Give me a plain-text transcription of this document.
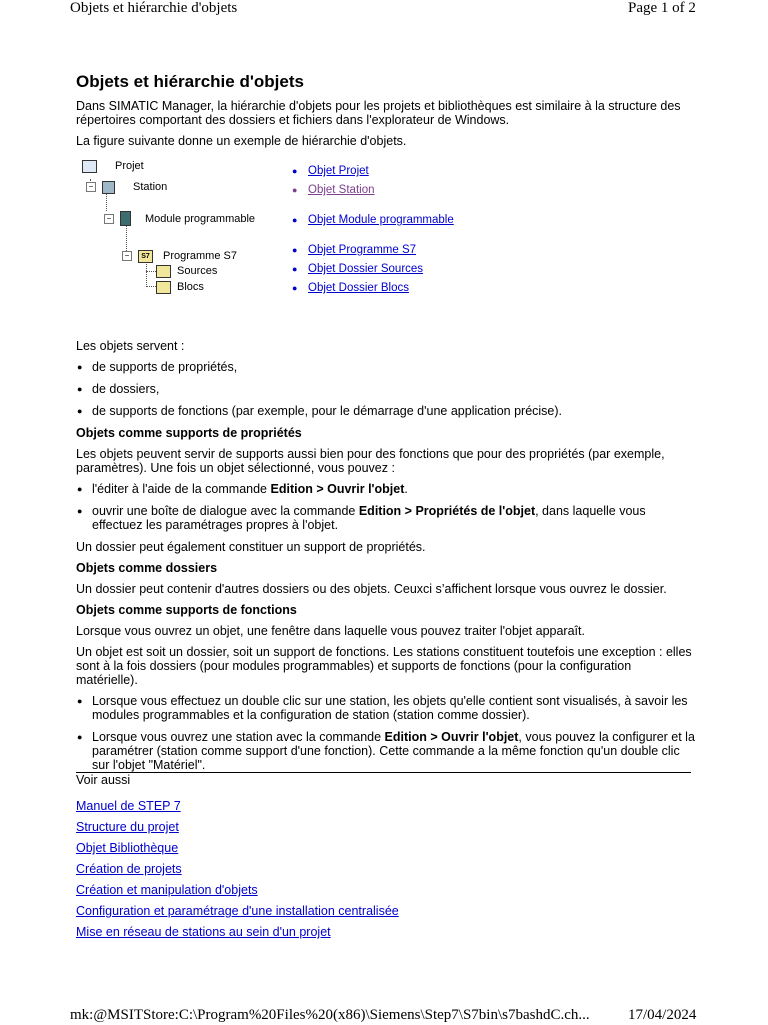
Objets et hiérarchie d'objets	Page 1 of 2
Objets et hiérarchie d'objets

Dans SIMATIC Manager, la hiérarchie d'objets pour les projets et bibliothèques est similaire à la structure des répertoires comportant des dossiers et fichiers dans l'explorateur de Windows.

La figure suivante donne un exemple de hiérarchie d'objets.

Projet
−	Station
−	Module programmable
−	S7 Programme S7
Sources
Blocs
● Objet Projet
● Objet Station
● Objet Module programmable
● Objet Programme S7
● Objet Dossier Sources
● Objet Dossier Blocs

Les objets servent :

● de supports de propriétés,
● de dossiers,
● de supports de fonctions (par exemple, pour le démarrage d'une application précise).
Objets comme supports de propriétés

Les objets peuvent servir de supports aussi bien pour des fonctions que pour des propriétés (par exemple, paramètres). Une fois un objet sélectionné, vous pouvez :

● l'éditer à l'aide de la commande Edition > Ouvrir l'objet.
● ouvrir une boîte de dialogue avec la commande Edition > Propriétés de l'objet, dans laquelle vous effectuez les paramétrages propres à l'objet.

Un dossier peut également constituer un support de propriétés.

Objets comme dossiers

Un dossier peut contenir d'autres dossiers ou des objets. Ceuxci s’affichent lorsque vous ouvrez le dossier.

Objets comme supports de fonctions

Lorsque vous ouvrez un objet, une fenêtre dans laquelle vous pouvez traiter l'objet apparaît.

Un objet est soit un dossier, soit un support de fonctions. Les stations constituent toutefois une exception : elles sont à la fois dossiers (pour modules programmables) et supports de fonctions (pour la configuration matérielle).

● Lorsque vous effectuez un double clic sur une station, les objets qu'elle contient sont visualisés, à savoir les modules programmables et la configuration de station (station comme dossier).
● Lorsque vous ouvrez une station avec la commande Edition > Ouvrir l'objet, vous pouvez la configurer et la paramétrer (station comme support d'une fonction). Cette commande a la même fonction qu'un double clic sur l'objet "Matériel".
Voir aussi
Manuel de STEP 7
Structure du projet
Objet Bibliothèque
Création de projets
Création et manipulation d'objets
Configuration et paramétrage d'une installation centralisée
Mise en réseau de stations au sein d'un projet
mk:@MSITStore:C:\Program%20Files%20(x86)\Siemens\Step7\S7bin\s7bashdC.ch...	17/04/2024
